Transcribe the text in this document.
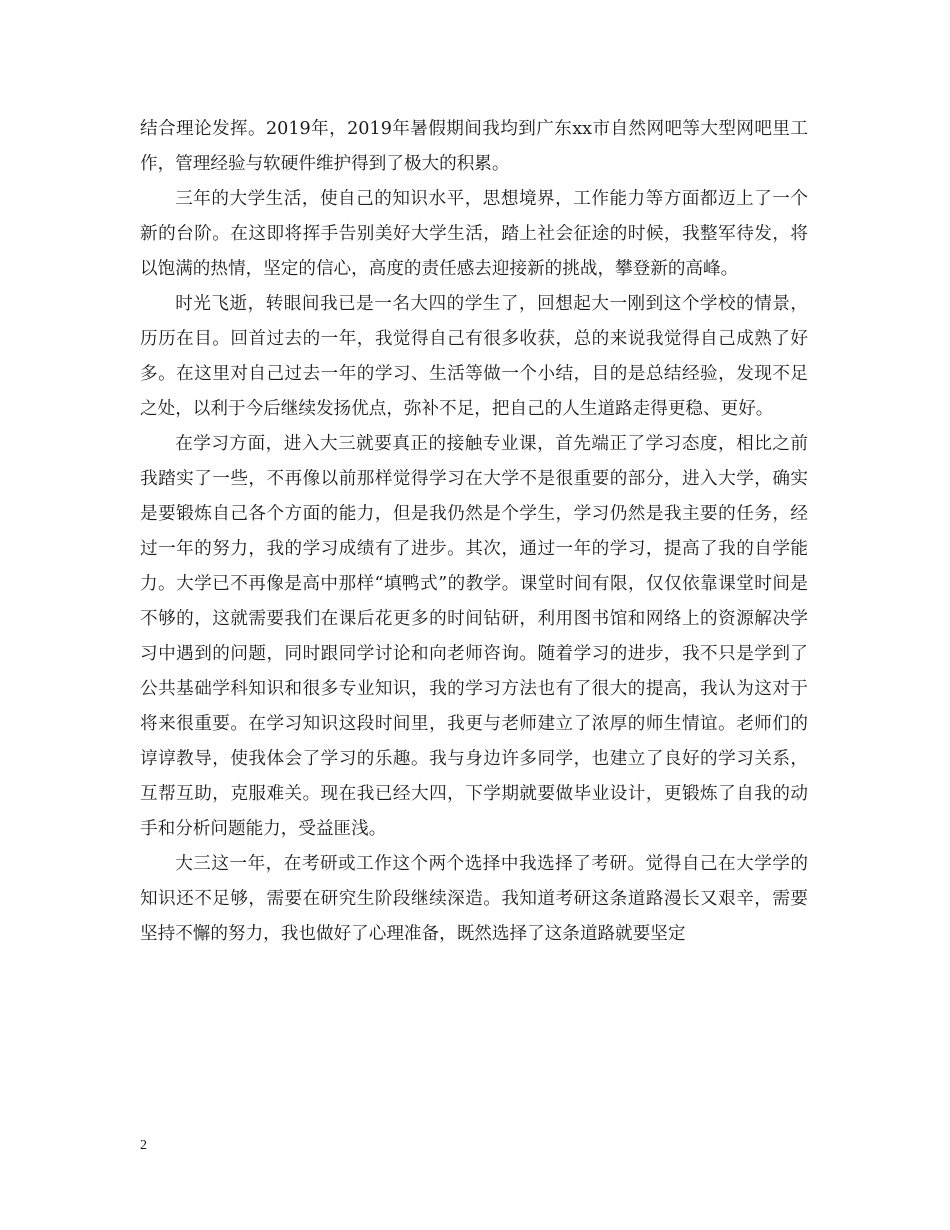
结合理论发挥。2019年，2019年暑假期间我均到广东xx市自然网吧等大型网吧里工作，管理经验与软硬件维护得到了极大的积累。

三年的大学生活，使自己的知识水平，思想境界，工作能力等方面都迈上了一个新的台阶。在这即将挥手告别美好大学生活，踏上社会征途的时候，我整军待发，将以饱满的热情，坚定的信心，高度的责任感去迎接新的挑战，攀登新的高峰。

时光飞逝，转眼间我已是一名大四的学生了，回想起大一刚到这个学校的情景，历历在目。回首过去的一年，我觉得自己有很多收获，总的来说我觉得自己成熟了好多。在这里对自己过去一年的学习、生活等做一个小结，目的是总结经验，发现不足之处，以利于今后继续发扬优点，弥补不足，把自己的人生道路走得更稳、更好。

在学习方面，进入大三就要真正的接触专业课，首先端正了学习态度，相比之前我踏实了一些，不再像以前那样觉得学习在大学不是很重要的部分，进入大学，确实是要锻炼自己各个方面的能力，但是我仍然是个学生，学习仍然是我主要的任务，经过一年的努力，我的学习成绩有了进步。其次，通过一年的学习，提高了我的自学能力。大学已不再像是高中那样“填鸭式”的教学。课堂时间有限，仅仅依靠课堂时间是不够的，这就需要我们在课后花更多的时间钻研，利用图书馆和网络上的资源解决学习中遇到的问题，同时跟同学讨论和向老师咨询。随着学习的进步，我不只是学到了公共基础学科知识和很多专业知识，我的学习方法也有了很大的提高，我认为这对于将来很重要。在学习知识这段时间里，我更与老师建立了浓厚的师生情谊。老师们的谆谆教导，使我体会了学习的乐趣。我与身边许多同学，也建立了良好的学习关系，互帮互助，克服难关。现在我已经大四，下学期就要做毕业设计，更锻炼了自我的动手和分析问题能力，受益匪浅。

大三这一年，在考研或工作这个两个选择中我选择了考研。觉得自己在大学学的知识还不足够，需要在研究生阶段继续深造。我知道考研这条道路漫长又艰辛，需要坚持不懈的努力，我也做好了心理准备，既然选择了这条道路就要坚定

2
